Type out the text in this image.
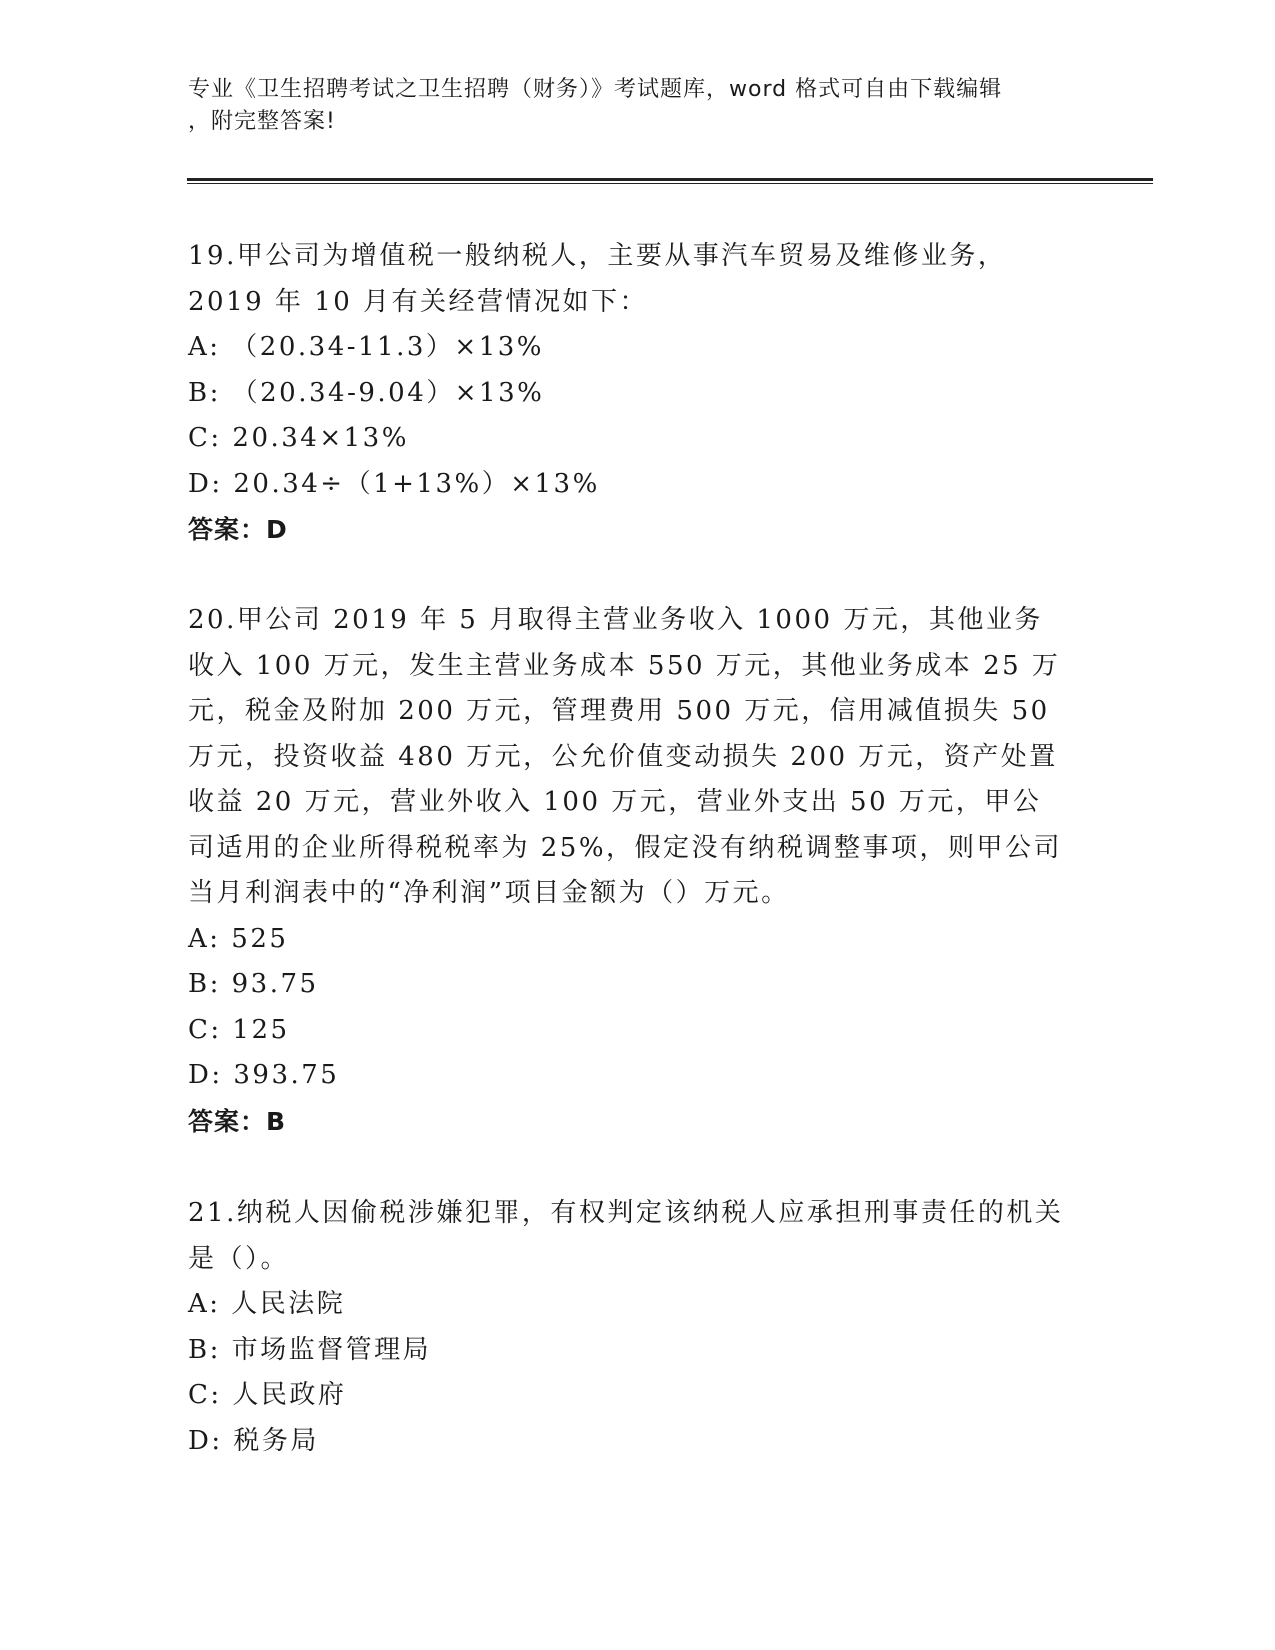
专业《卫生招聘考试之卫生招聘（财务）》考试题库，word 格式可自由下载编辑

，附完整答案!

19.甲公司为增值税一般纳税人，主要从事汽车贸易及维修业务，2019 年 10 月有关经营情况如下：

A: （20.34-11.3）×13%

B: （20.34-9.04）×13%

C: 20.34×13%

D: 20.34÷（1+13%）×13%

答案：D

20.甲公司 2019 年 5 月取得主营业务收入 1000 万元，其他业务收入 100 万元，发生主营业务成本 550 万元，其他业务成本 25 万元，税金及附加 200 万元，管理费用 500 万元，信用减值损失 50 万元，投资收益 480 万元，公允价值变动损失 200 万元，资产处置收益 20 万元，营业外收入 100 万元，营业外支出 50 万元，甲公司适用的企业所得税税率为 25%，假定没有纳税调整事项，则甲公司当月利润表中的“净利润”项目金额为（）万元。

A: 525

B: 93.75

C: 125

D: 393.75

答案：B

21.纳税人因偷税涉嫌犯罪，有权判定该纳税人应承担刑事责任的机关是（）。

A: 人民法院

B: 市场监督管理局

C: 人民政府

D: 税务局
